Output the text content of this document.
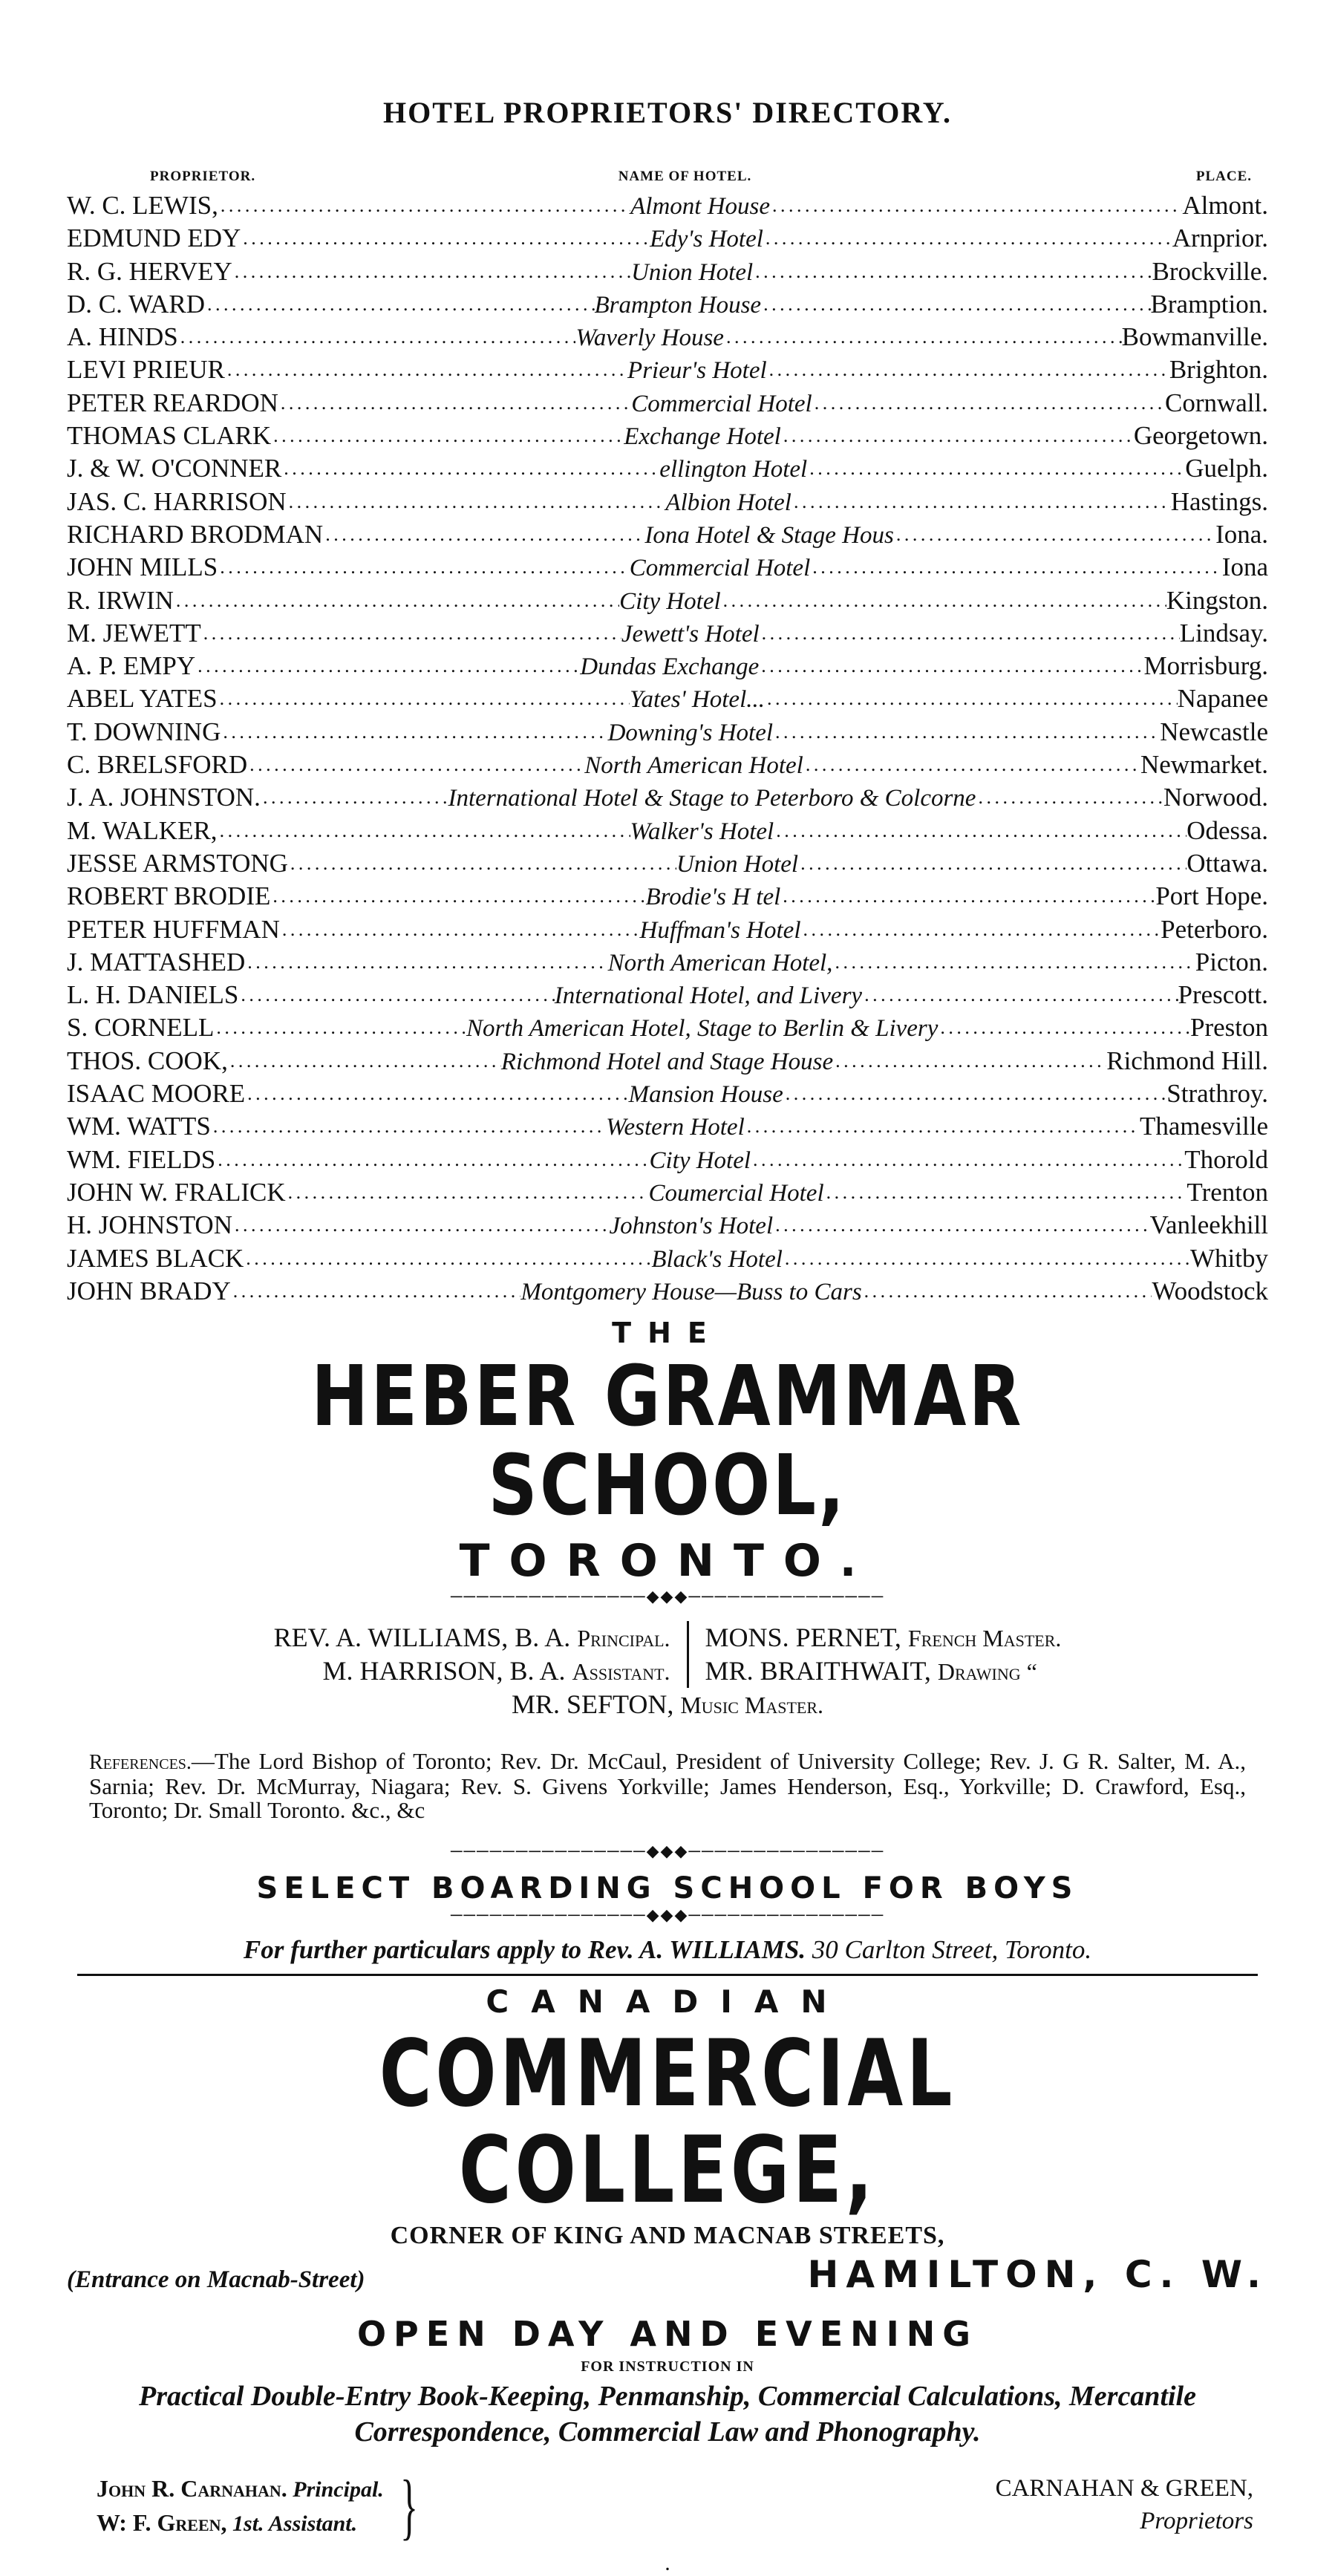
HOTEL PROPRIETORS' DIRECTORY.
PROPRIETOR.	NAME OF HOTEL.	PLACE.
W. C. LEWIS, . . .	Almont House . . .	Almont.
EDMUND EDY . . .	Edy's Hotel . . .	Arnprior.
R. G. HERVEY . . .	Union Hotel . . .	Brockville.
D. C. WARD . . .	Brampton House . . .	Bramption.
A. HINDS . . .	Waverly House . . .	Bowmanville.
LEVI PRIEUR . . .	Prieur's Hotel . . .	Brighton.
PETER REARDON . . .	Commercial Hotel . . .	Cornwall.
THOMAS CLARK . . .	Exchange Hotel . . .	Georgetown.
J. & W. O'CONNER . . .	ellington Hotel . . .	Guelph.
JAS. C. HARRISON . . .	Albion Hotel . . .	Hastings.
RICHARD BRODMAN . . .	Iona Hotel & Stage Hous . . .	Iona.
JOHN MILLS . . .	Commercial Hotel . . .	Iona
R. IRWIN . . .	City Hotel . . .	Kingston.
M. JEWETT . . .	Jewett's Hotel . . .	Lindsay.
A. P. EMPY . . .	Dundas Exchange . . .	Morrisburg.
ABEL YATES . . .	Yates' Hotel... . . .	Napanee
T. DOWNING . . .	Downing's Hotel . . .	Newcastle
C. BRELSFORD . . .	North American Hotel . . .	Newmarket.
J. A. JOHNSTON. . . .	International Hotel & Stage to Peterboro & Colcorne . . .	Norwood.
M. WALKER, . . .	Walker's Hotel . . .	Odessa.
JESSE ARMSTONG . . .	Union Hotel . . .	Ottawa.
ROBERT BRODIE . . .	Brodie's H tel . . .	Port Hope.
PETER HUFFMAN . . .	Huffman's Hotel . . .	Peterboro.
J. MATTASHED . . .	North American Hotel, . . .	Picton.
L. H. DANIELS . . .	International Hotel, and Livery . . .	Prescott.
S. CORNELL . . .	North American Hotel, Stage to Berlin & Livery . . .	Preston
THOS. COOK, . . .	Richmond Hotel and Stage House . . .	Richmond Hill.
ISAAC MOORE . . .	Mansion House . . .	Strathroy.
WM. WATTS . . .	Western Hotel . . .	Thamesville
WM. FIELDS . . .	City Hotel . . .	Thorold
JOHN W. FRALICK . . .	Coumercial Hotel . . .	Trenton
H. JOHNSTON . . .	Johnston's Hotel . . .	Vanleekhill
JAMES BLACK . . .	Black's Hotel . . .	Whitby
JOHN BRADY . . .	Montgomery House—Buss to Cars . . .	Woodstock
THE
HEBER GRAMMAR SCHOOL,
TORONTO.
───────────────◆◆◆───────────────
REV. A. WILLIAMS, B. A. Principal.
M. HARRISON, B. A. Assistant.
MONS. PERNET, French Master.
MR. BRAITHWAIT, Drawing “
MR. SEFTON, Music Master.
References.—The Lord Bishop of Toronto; Rev. Dr. McCaul, President of University College; Rev. J. G R. Salter, M. A., Sarnia; Rev. Dr. McMurray, Niagara; Rev. S. Givens Yorkville; James Henderson, Esq., Yorkville; D. Crawford, Esq., Toronto; Dr. Small Toronto. &c., &c
───────────────◆◆◆───────────────
SELECT BOARDING SCHOOL FOR BOYS
───────────────◆◆◆───────────────
For further particulars apply to Rev. A. WILLIAMS. 30 Carlton Street, Toronto.
CANADIAN
COMMERCIAL COLLEGE,
CORNER OF KING AND MACNAB STREETS,
(Entrance on Macnab-Street)	HAMILTON, C. W.
OPEN DAY AND EVENING
FOR INSTRUCTION IN
Practical Double-Entry Book-Keeping, Penmanship, Commercial Calculations, Mercantile Correspondence, Commercial Law and Phonography.
John R. Carnahan. Principal.
W: F. Green, 1st. Assistant. }	CARNAHAN & GREEN,
Proprietors
.
